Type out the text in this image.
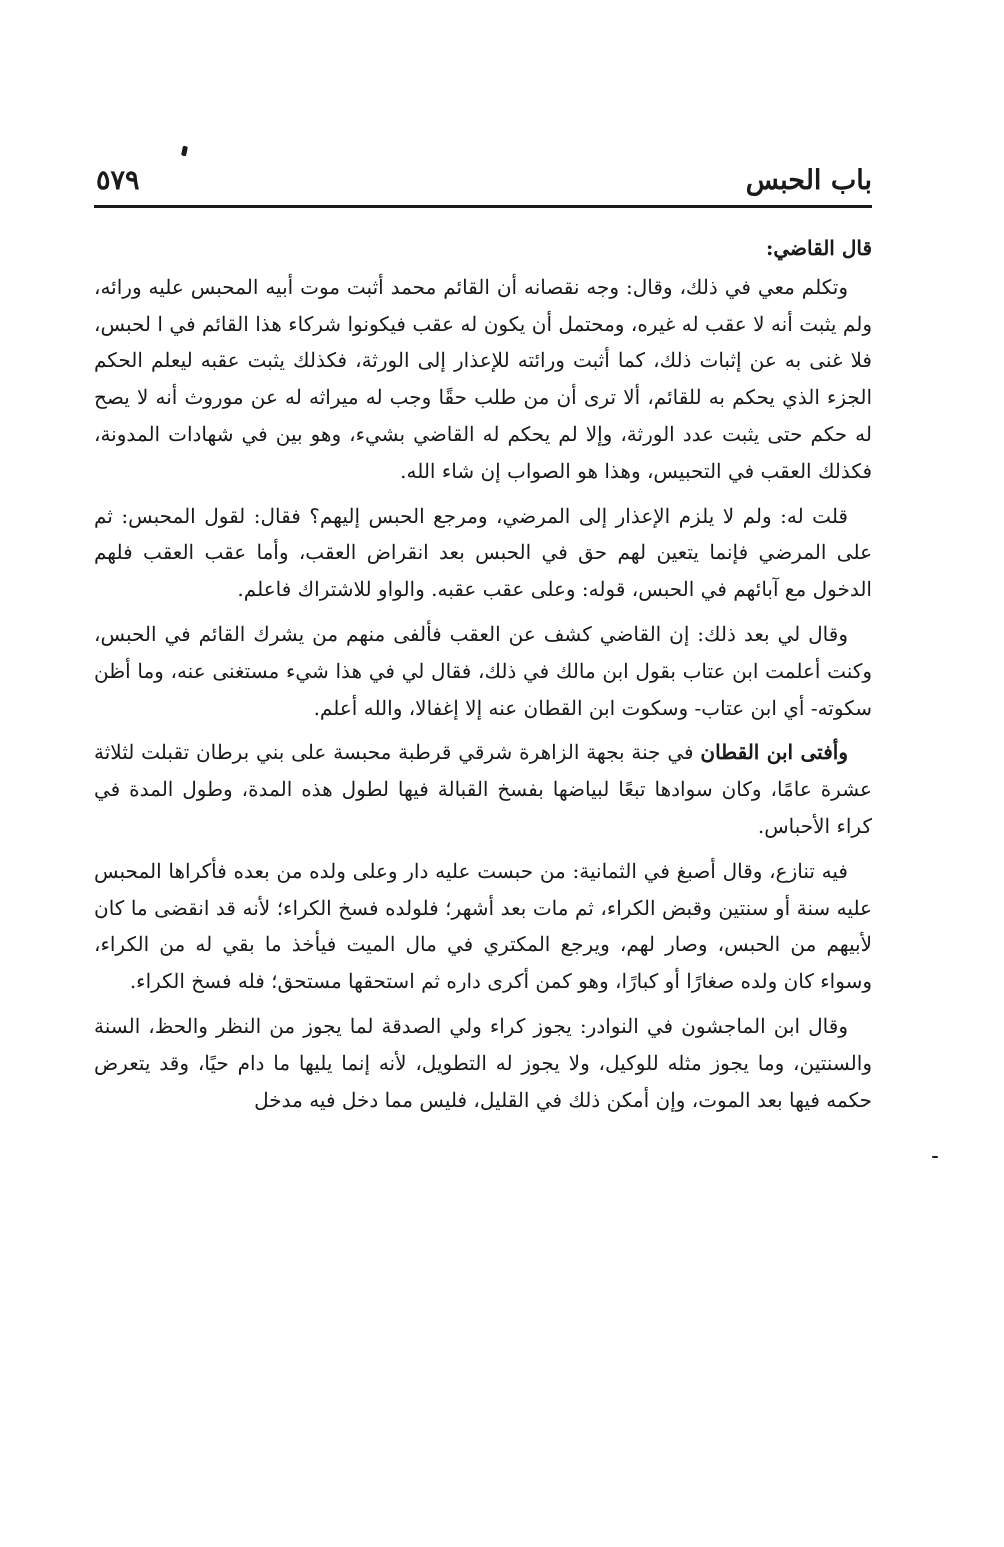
باب الحبس
٥٧٩

قال القاضي:

وتكلم معي في ذلك، وقال: وجه نقصانه أن القائم محمد أثبت موت أبيه المحبس عليه ورائه، ولم يثبت أنه لا عقب له غيره، ومحتمل أن يكون له عقب فيكونوا شركاء هذا القائم في ا لحبس، فلا غنى به عن إثبات ذلك، كما أثبت ورائته للإعذار إلى الورثة، فكذلك يثبت عقبه ليعلم الحكم الجزء الذي يحكم به للقائم، ألا ترى أن من طلب حقًا وجب له ميراثه له عن موروث أنه لا يصح له حكم حتى يثبت عدد الورثة، وإلا لم يحكم له القاضي بشيء، وهو بين في شهادات المدونة، فكذلك العقب في التحبيس، وهذا هو الصواب إن شاء الله.

قلت له: ولم لا يلزم الإعذار إلى المرضي، ومرجع الحبس إليهم؟ فقال: لقول المحبس: ثم على المرضي فإنما يتعين لهم حق في الحبس بعد انقراض العقب، وأما عقب العقب فلهم الدخول مع آبائهم في الحبس، قوله: وعلى عقب عقبه. والواو للاشتراك فاعلم.

وقال لي بعد ذلك: إن القاضي كشف عن العقب فألفى منهم من يشرك القائم في الحبس، وكنت أعلمت ابن عتاب بقول ابن مالك في ذلك، فقال لي في هذا شيء مستغنى عنه، وما أظن سكوته- أي ابن عتاب- وسكوت ابن القطان عنه إلا إغفالا، والله أعلم.

وأفتى ابن القطان في جنة بجهة الزاهرة شرقي قرطبة محبسة على بني برطان تقبلت لثلاثة عشرة عامًا، وكان سوادها تبعًا لبياضها بفسخ القبالة فيها لطول هذه المدة، وطول المدة في كراء الأحباس.

فيه تنازع، وقال أصبغ في الثمانية: من حبست عليه دار وعلى ولده من بعده فأكراها المحبس عليه سنة أو سنتين وقبض الكراء، ثم مات بعد أشهر؛ فلولده فسخ الكراء؛ لأنه قد انقضى ما كان لأبيهم من الحبس، وصار لهم، ويرجع المكتري في مال الميت فيأخذ ما بقي له من الكراء، وسواء كان ولده صغارًا أو كبارًا، وهو كمن أكرى داره ثم استحقها مستحق؛ فله فسخ الكراء.

وقال ابن الماجشون في النوادر: يجوز كراء ولي الصدقة لما يجوز من النظر والحظ، السنة والسنتين، وما يجوز مثله للوكيل، ولا يجوز له التطويل، لأنه إنما يليها ما دام حيًا، وقد يتعرض حكمه فيها بعد الموت، وإن أمكن ذلك في القليل، فليس مما دخل فيه مدخل
